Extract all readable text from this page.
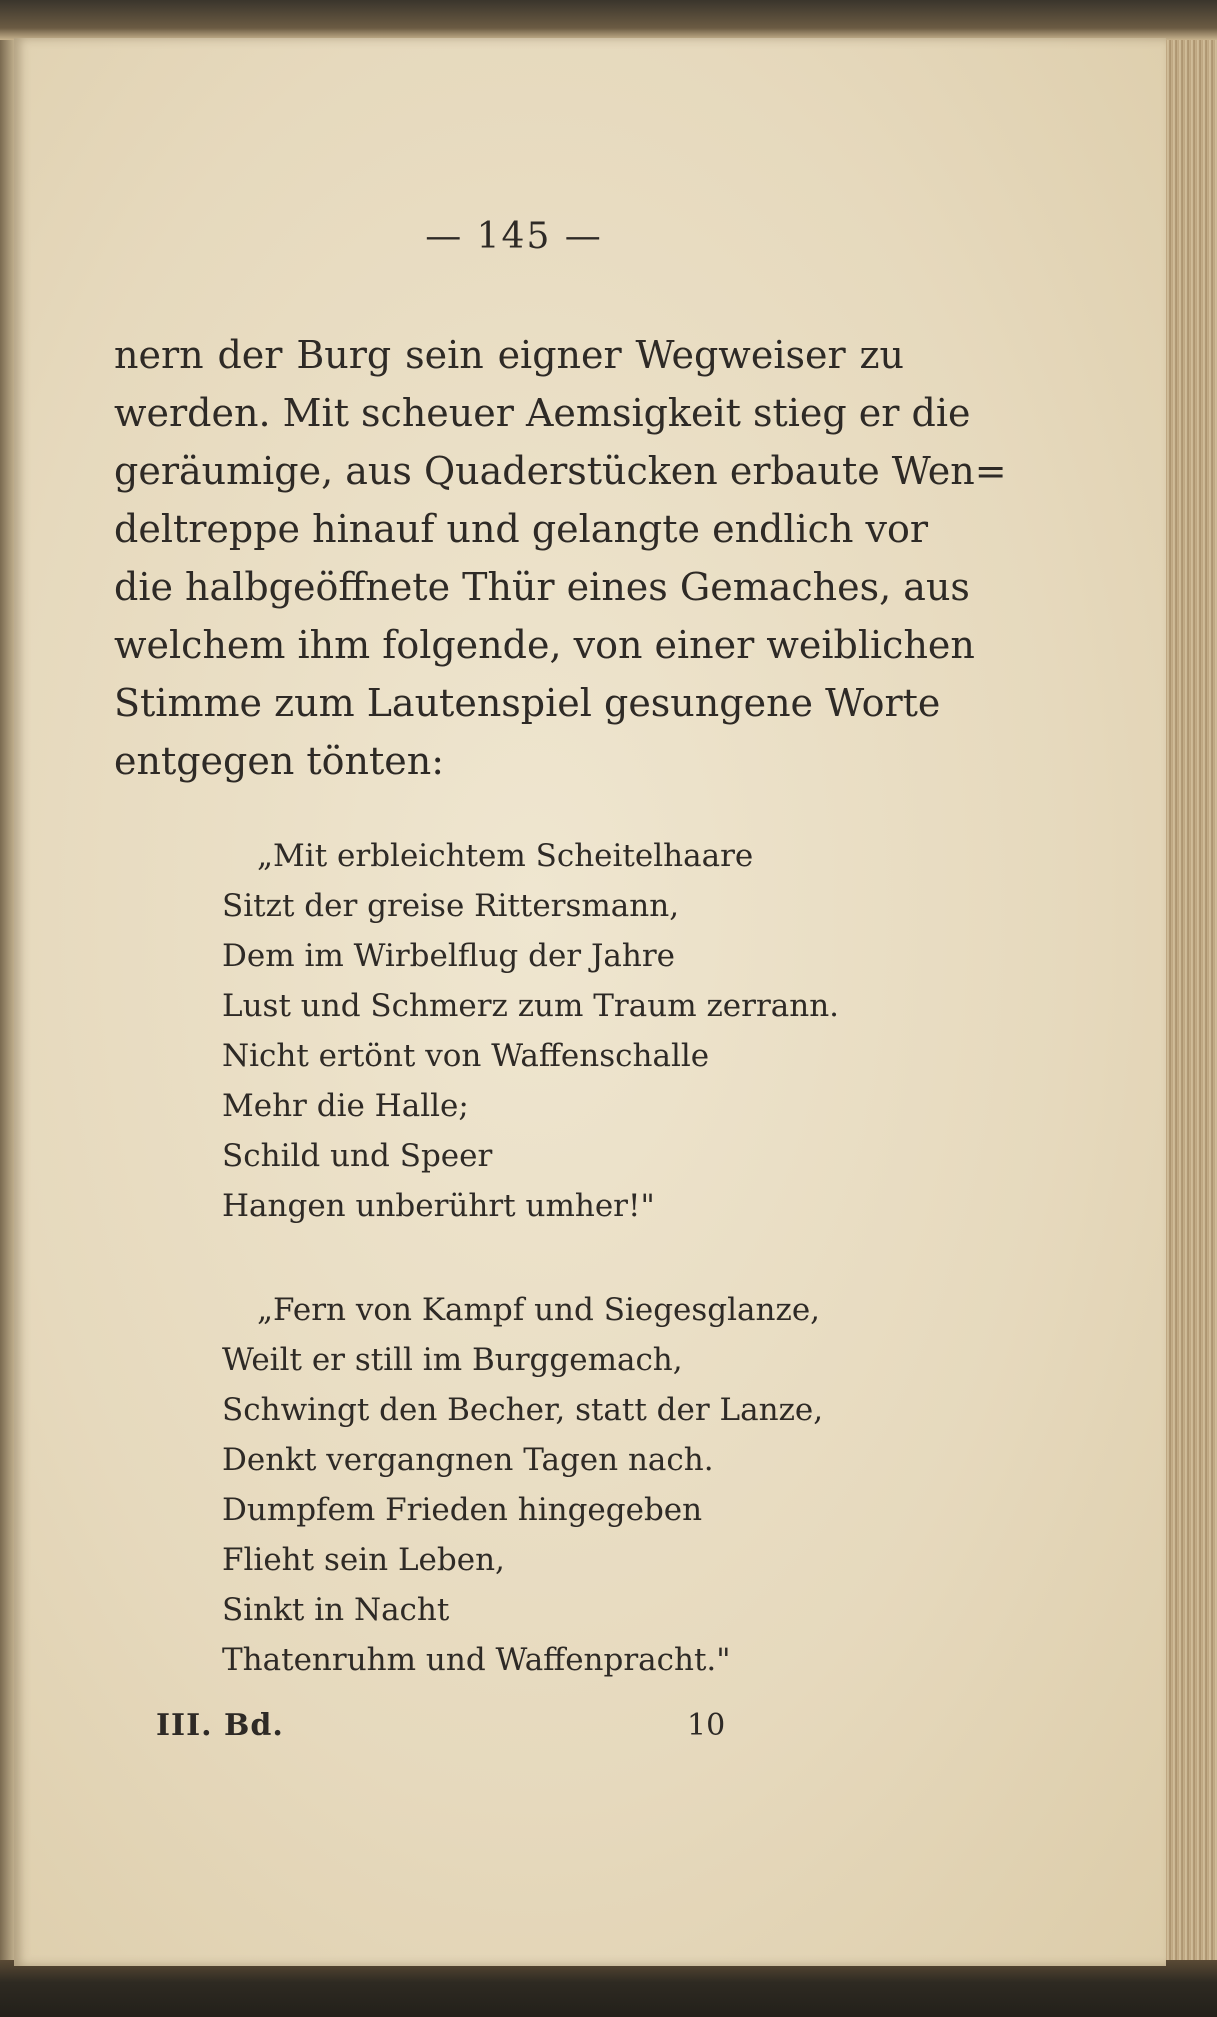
— 145 —
nern der Burg sein eigner Wegweiser zu
werden. Mit scheuer Aemsigkeit stieg er die
geräumige, aus Quaderstücken erbaute Wen=
deltreppe hinauf und gelangte endlich vor
die halbgeöffnete Thür eines Gemaches, aus
welchem ihm folgende, von einer weiblichen
Stimme zum Lautenspiel gesungene Worte
entgegen tönten:
„Mit erbleichtem Scheitelhaare
Sitzt der greise Rittersmann,
Dem im Wirbelflug der Jahre
Lust und Schmerz zum Traum zerrann.
Nicht ertönt von Waffenschalle
Mehr die Halle;
Schild und Speer
Hangen unberührt umher!"
„Fern von Kampf und Siegesglanze,
Weilt er still im Burggemach,
Schwingt den Becher, statt der Lanze,
Denkt vergangnen Tagen nach.
Dumpfem Frieden hingegeben
Flieht sein Leben,
Sinkt in Nacht
Thatenruhm und Waffenpracht."
III. Bd.	10
